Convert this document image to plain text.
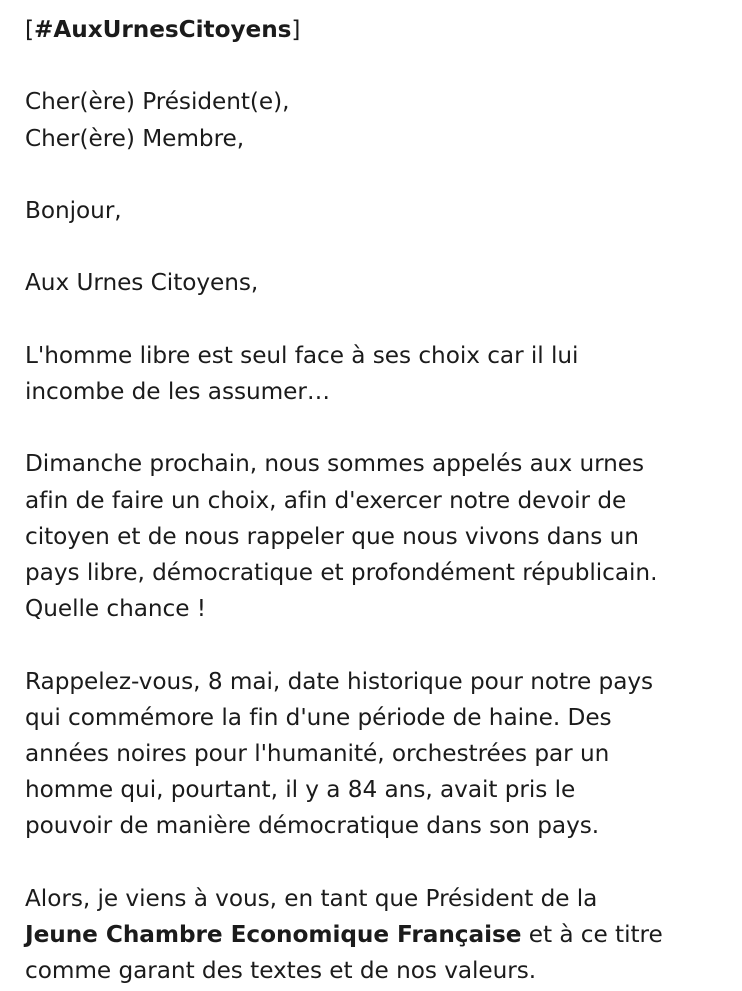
[#AuxUrnesCitoyens]
Cher(ère) Président(e),
Cher(ère) Membre,
Bonjour,
Aux Urnes Citoyens,
L'homme libre est seul face à ses choix car il lui
incombe de les assumer…
Dimanche prochain, nous sommes appelés aux urnes
afin de faire un choix, afin d'exercer notre devoir de
citoyen et de nous rappeler que nous vivons dans un
pays libre, démocratique et profondément républicain.
Quelle chance !
Rappelez-vous, 8 mai, date historique pour notre pays
qui commémore la fin d'une période de haine. Des
années noires pour l'humanité, orchestrées par un
homme qui, pourtant, il y a 84 ans, avait pris le
pouvoir de manière démocratique dans son pays.
Alors, je viens à vous, en tant que Président de la
Jeune Chambre Economique Française et à ce titre
comme garant des textes et de nos valeurs.
